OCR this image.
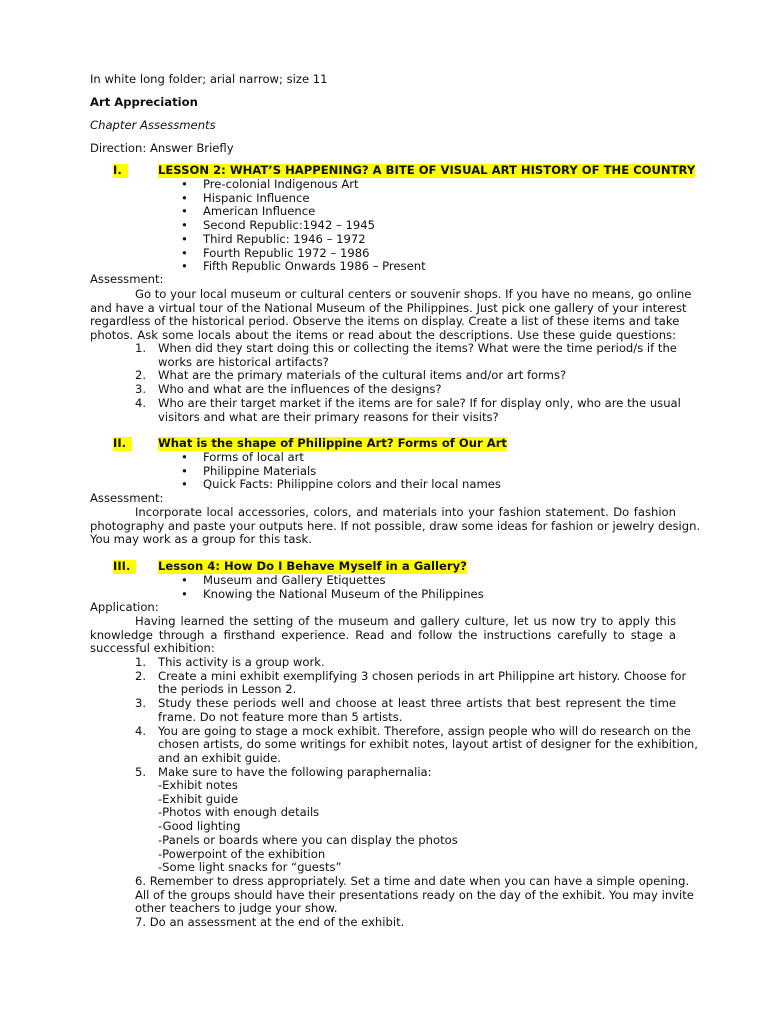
In white long folder; arial narrow; size 11
Art Appreciation
Chapter Assessments
Direction: Answer Briefly
I.	LESSON 2: WHAT’S HAPPENING? A BITE OF VISUAL ART HISTORY OF THE COUNTRY
• Pre-colonial Indigenous Art
• Hispanic Influence
• American Influence
• Second Republic:1942 – 1945
• Third Republic: 1946 – 1972
• Fourth Republic 1972 – 1986
• Fifth Republic Onwards 1986 – Present
Assessment:
Go to your local museum or cultural centers or souvenir shops. If you have no means, go online
and have a virtual tour of the National Museum of the Philippines. Just pick one gallery of your interest
regardless of the historical period. Observe the items on display. Create a list of these items and take
photos. Ask some locals about the items or read about the descriptions. Use these guide questions:
1. When did they start doing this or collecting the items? What were the time period/s if the
works are historical artifacts?
2. What are the primary materials of the cultural items and/or art forms?
3. Who and what are the influences of the designs?
4. Who are their target market if the items are for sale? If for display only, who are the usual
visitors and what are their primary reasons for their visits?
II.	What is the shape of Philippine Art? Forms of Our Art
• Forms of local art
• Philippine Materials
• Quick Facts: Philippine colors and their local names
Assessment:
Incorporate local accessories, colors, and materials into your fashion statement. Do fashion
photography and paste your outputs here. If not possible, draw some ideas for fashion or jewelry design.
You may work as a group for this task.
III.	Lesson 4: How Do I Behave Myself in a Gallery?
• Museum and Gallery Etiquettes
• Knowing the National Museum of the Philippines
Application:
Having learned the setting of the museum and gallery culture, let us now try to apply this
knowledge through a firsthand experience. Read and follow the instructions carefully to stage a
successful exhibition:
1. This activity is a group work.
2. Create a mini exhibit exemplifying 3 chosen periods in art Philippine art history. Choose for
the periods in Lesson 2.
3. Study these periods well and choose at least three artists that best represent the time
frame. Do not feature more than 5 artists.
4. You are going to stage a mock exhibit. Therefore, assign people who will do research on the
chosen artists, do some writings for exhibit notes, layout artist of designer for the exhibition,
and an exhibit guide.
5. Make sure to have the following paraphernalia:
-Exhibit notes
-Exhibit guide
-Photos with enough details
-Good lighting
-Panels or boards where you can display the photos
-Powerpoint of the exhibition
-Some light snacks for “guests”
6. Remember to dress appropriately. Set a time and date when you can have a simple opening.
All of the groups should have their presentations ready on the day of the exhibit. You may invite
other teachers to judge your show.
7. Do an assessment at the end of the exhibit.
